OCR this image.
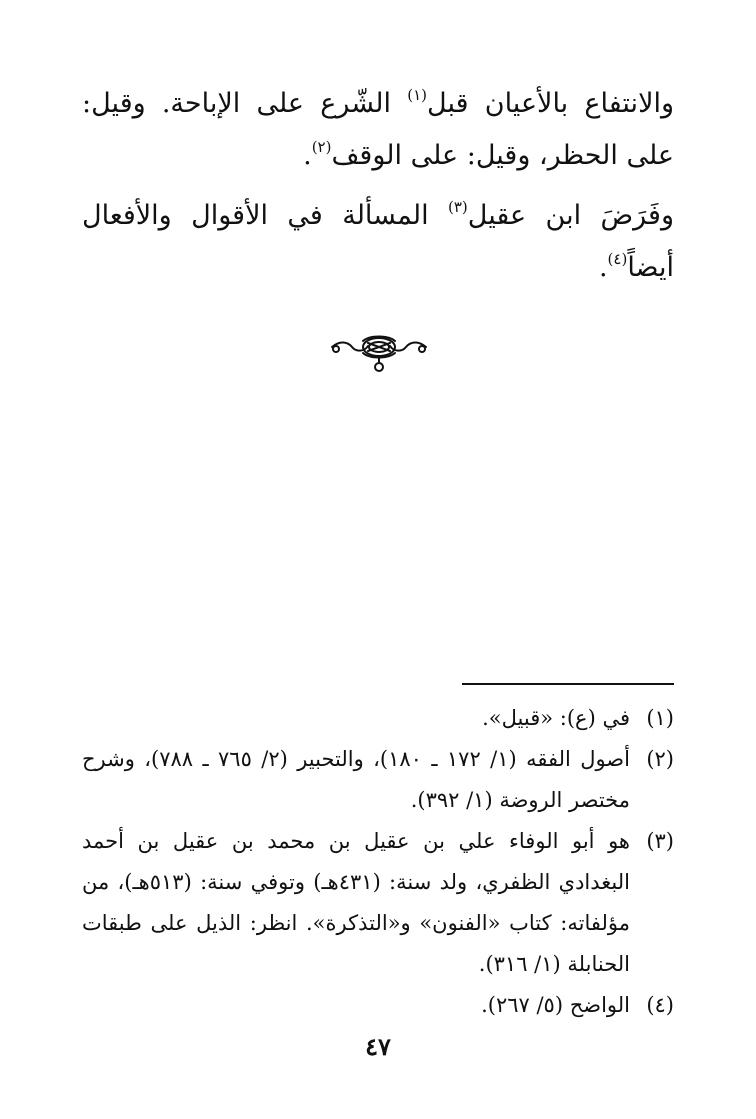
والانتفاع بالأعيان قبل$^{(١)}$ الشّرع على الإباحة. وقيل: على الحظر، وقيل: على الوقف$^{(٢)}$.

وفَرَضَ ابن عقيل$^{(٣)}$ المسألة في الأقوال والأفعال أيضاً$^{(٤)}$.

(١)
في (ع): «قبيل».
(٢)
أصول الفقه (١/ ١٧٢ ـ ١٨٠)، والتحبير (٢/ ٧٦٥ ـ ٧٨٨)، وشرح مختصر الروضة (١/ ٣٩٢).
(٣)
هو أبو الوفاء علي بن عقيل بن محمد بن عقيل بن أحمد البغدادي الظفري، ولد سنة: (٤٣١هـ) وتوفي سنة: (٥١٣هـ)، من مؤلفاته: كتاب «الفنون» و«التذكرة». انظر: الذيل على طبقات الحنابلة (١/ ٣١٦).
(٤)
الواضح (٥/ ٢٦٧).
٤٧
